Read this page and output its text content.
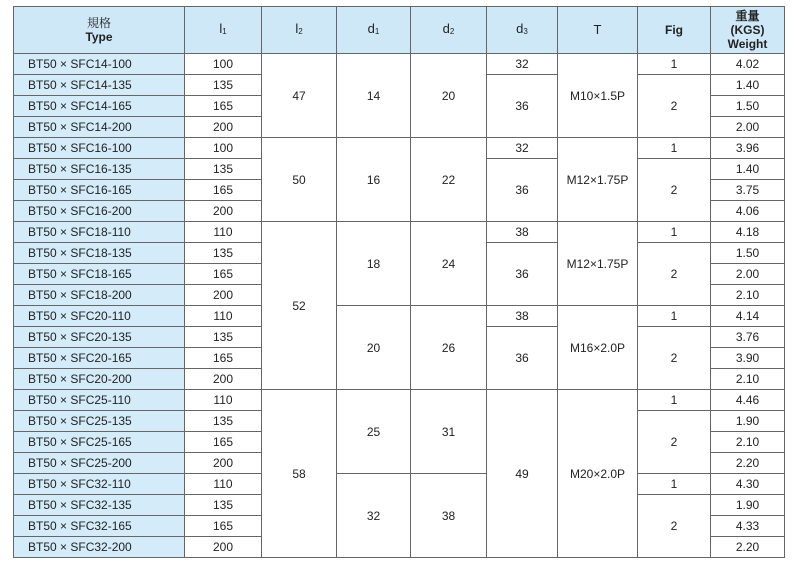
規格
Type	$l_1$	$l_2$	$d_1$	$d_2$	$d_3$	T	Fig	重量
(KGS)
Weight

BT50 × SFC14-100	100	47	14	20	32	M10×1.5P	1	4.02
BT50 × SFC14-135	135				36		2	1.40
BT50 × SFC14-165	165							1.50
BT50 × SFC14-200	200							2.00
BT50 × SFC16-100	100	50	16	22	32	M12×1.75P	1	3.96
BT50 × SFC16-135	135				36		2	1.40
BT50 × SFC16-165	165							3.75
BT50 × SFC16-200	200							4.06
BT50 × SFC18-110	110	52	18	24	38	M12×1.75P	1	4.18
BT50 × SFC18-135	135				36		2	1.50
BT50 × SFC18-165	165							2.00
BT50 × SFC18-200	200							2.10
BT50 × SFC20-110	110		20	26	38	M16×2.0P	1	4.14
BT50 × SFC20-135	135				36		2	3.76
BT50 × SFC20-165	165							3.90
BT50 × SFC20-200	200							2.10
BT50 × SFC25-110	110	58	25	31	49	M20×2.0P	1	4.46
BT50 × SFC25-135	135						2	1.90
BT50 × SFC25-165	165							2.10
BT50 × SFC25-200	200							2.20
BT50 × SFC32-110	110		32	38			1	4.30
BT50 × SFC32-135	135						2	1.90
BT50 × SFC32-165	165							4.33
BT50 × SFC32-200	200							2.20
